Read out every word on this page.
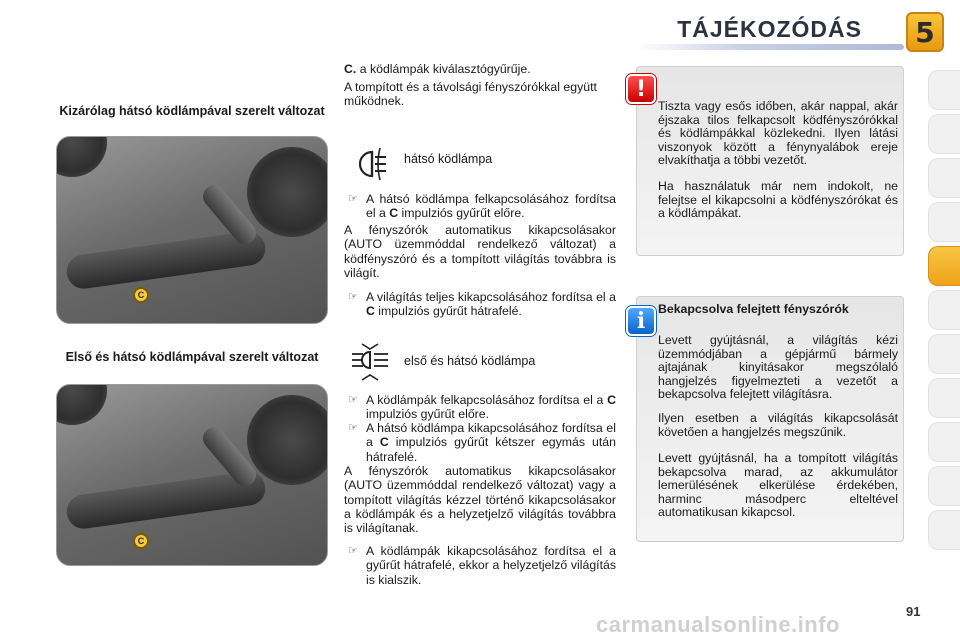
TÁJÉKOZÓDÁS	5
Kizárólag hátsó ködlámpával szerelt változat
C
Első és hátsó ködlámpával szerelt változat
C
C. a ködlámpák kiválasztógyűrűje.
A tompított és a távolsági fényszórókkal együtt működnek.
hátsó ködlámpa
☞ A hátsó ködlámpa felkapcsolásához fordítsa el a C impulziós gyűrűt előre.
A fényszórók automatikus kikapcsolásakor (AUTO üzemmóddal rendelkező változat) a ködfényszóró és a tompított világítás továbbra is világít.
☞ A világítás teljes kikapcsolásához fordítsa el a C impulziós gyűrűt hátrafelé.
első és hátsó ködlámpa
☞ A ködlámpák felkapcsolásához fordítsa el a C impulziós gyűrűt előre.
☞ A hátsó ködlámpa kikapcsolásához fordítsa el a C impulziós gyűrűt kétszer egymás után hátrafelé.
A fényszórók automatikus kikapcsolásakor (AUTO üzemmóddal rendelkező változat) vagy a tompított világítás kézzel történő kikapcsolásakor a ködlámpák és a helyzetjelző világítás továbbra is világítanak.
☞ A ködlámpák kikapcsolásához fordítsa el a gyűrűt hátrafelé, ekkor a helyzetjelző világítás is kialszik.
!
Tiszta vagy esős időben, akár nappal, akár éjszaka tilos felkapcsolt ködfényszórókkal és ködlámpákkal közlekedni. Ilyen látási viszonyok között a fénynyalábok ereje elvakíthatja a többi vezetőt.
Ha használatuk már nem indokolt, ne felejtse el kikapcsolni a ködfényszórókat és a ködlámpákat.
i	Bekapcsolva felejtett fényszórók
Levett gyújtásnál, a világítás kézi üzemmódjában a gépjármű bármely ajtajának kinyitásakor megszólaló hangjelzés figyelmezteti a vezetőt a bekapcsolva felejtett világításra.
Ilyen esetben a világítás kikapcsolását követően a hangjelzés megszűnik.
Levett gyújtásnál, ha a tompított világítás bekapcsolva marad, az akkumulátor lemerülésének elkerülése érdekében, harminc másodperc elteltével automatikusan kikapcsol.
91
carmanualsonline.info
